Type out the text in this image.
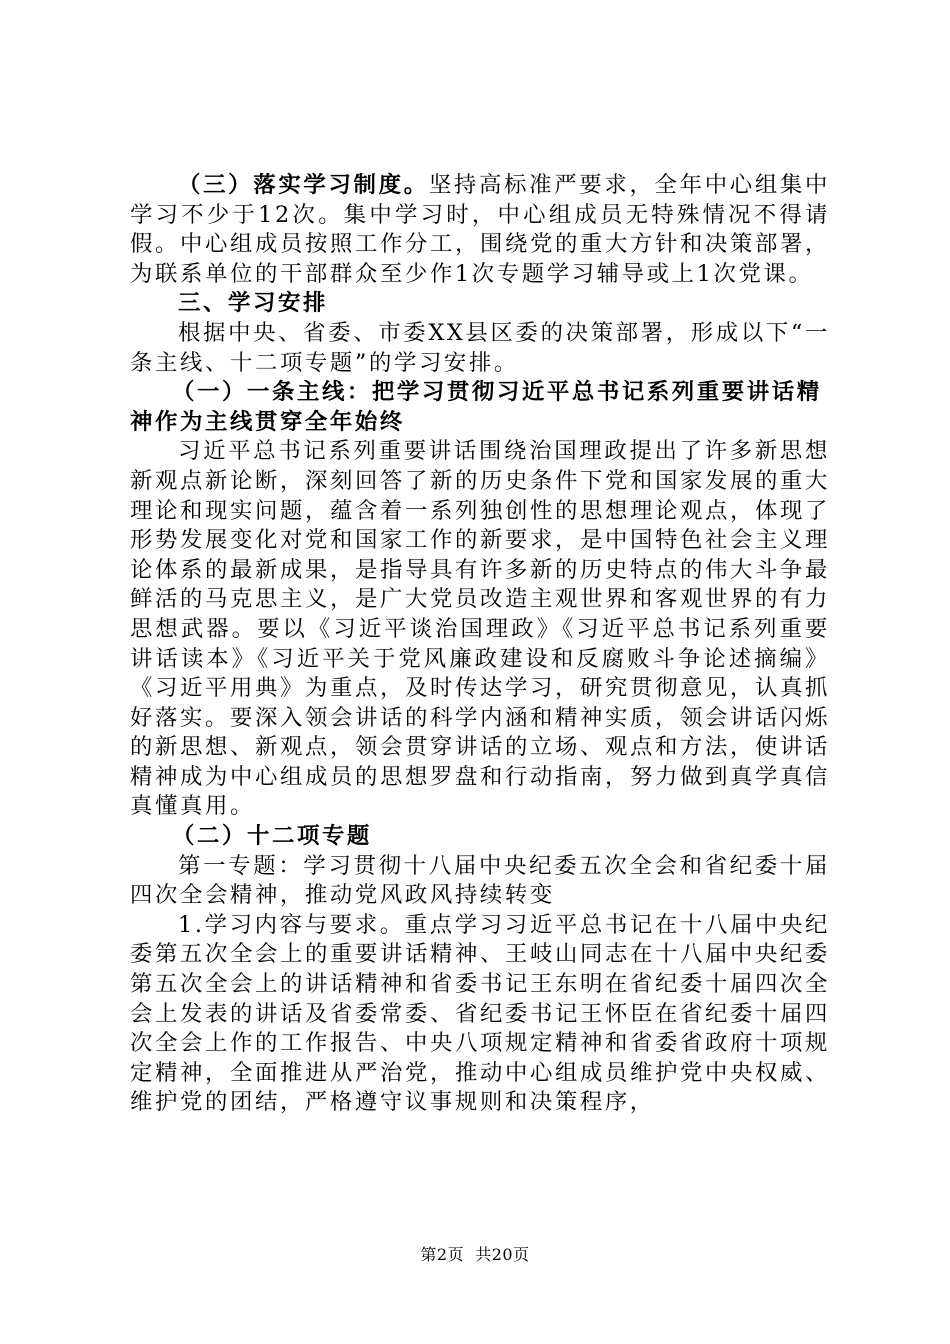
（三）落实学习制度。坚持高标准严要求，全年中心组集中学习不少于12次。集中学习时，中心组成员无特殊情况不得请假。中心组成员按照工作分工，围绕党的重大方针和决策部署，为联系单位的干部群众至少作1次专题学习辅导或上1次党课。

三、学习安排

根据中央、省委、市委XX县区委的决策部署，形成以下“一条主线、十二项专题”的学习安排。

（一）一条主线：把学习贯彻习近平总书记系列重要讲话精神作为主线贯穿全年始终

习近平总书记系列重要讲话围绕治国理政提出了许多新思想新观点新论断，深刻回答了新的历史条件下党和国家发展的重大理论和现实问题，蕴含着一系列独创性的思想理论观点，体现了形势发展变化对党和国家工作的新要求，是中国特色社会主义理论体系的最新成果，是指导具有许多新的历史特点的伟大斗争最鲜活的马克思主义，是广大党员改造主观世界和客观世界的有力思想武器。要以《习近平谈治国理政》《习近平总书记系列重要讲话读本》《习近平关于党风廉政建设和反腐败斗争论述摘编》《习近平用典》为重点，及时传达学习，研究贯彻意见，认真抓好落实。要深入领会讲话的科学内涵和精神实质，领会讲话闪烁的新思想、新观点，领会贯穿讲话的立场、观点和方法，使讲话精神成为中心组成员的思想罗盘和行动指南，努力做到真学真信真懂真用。

（二）十二项专题

第一专题：学习贯彻十八届中央纪委五次全会和省纪委十届四次全会精神，推动党风政风持续转变

1.学习内容与要求。重点学习习近平总书记在十八届中央纪委第五次全会上的重要讲话精神、王岐山同志在十八届中央纪委第五次全会上的讲话精神和省委书记王东明在省纪委十届四次全会上发表的讲话及省委常委、省纪委书记王怀臣在省纪委十届四次全会上作的工作报告、中央八项规定精神和省委省政府十项规定精神，全面推进从严治党，推动中心组成员维护党中央权威、维护党的团结，严格遵守议事规则和决策程序，

第2页  共20页
